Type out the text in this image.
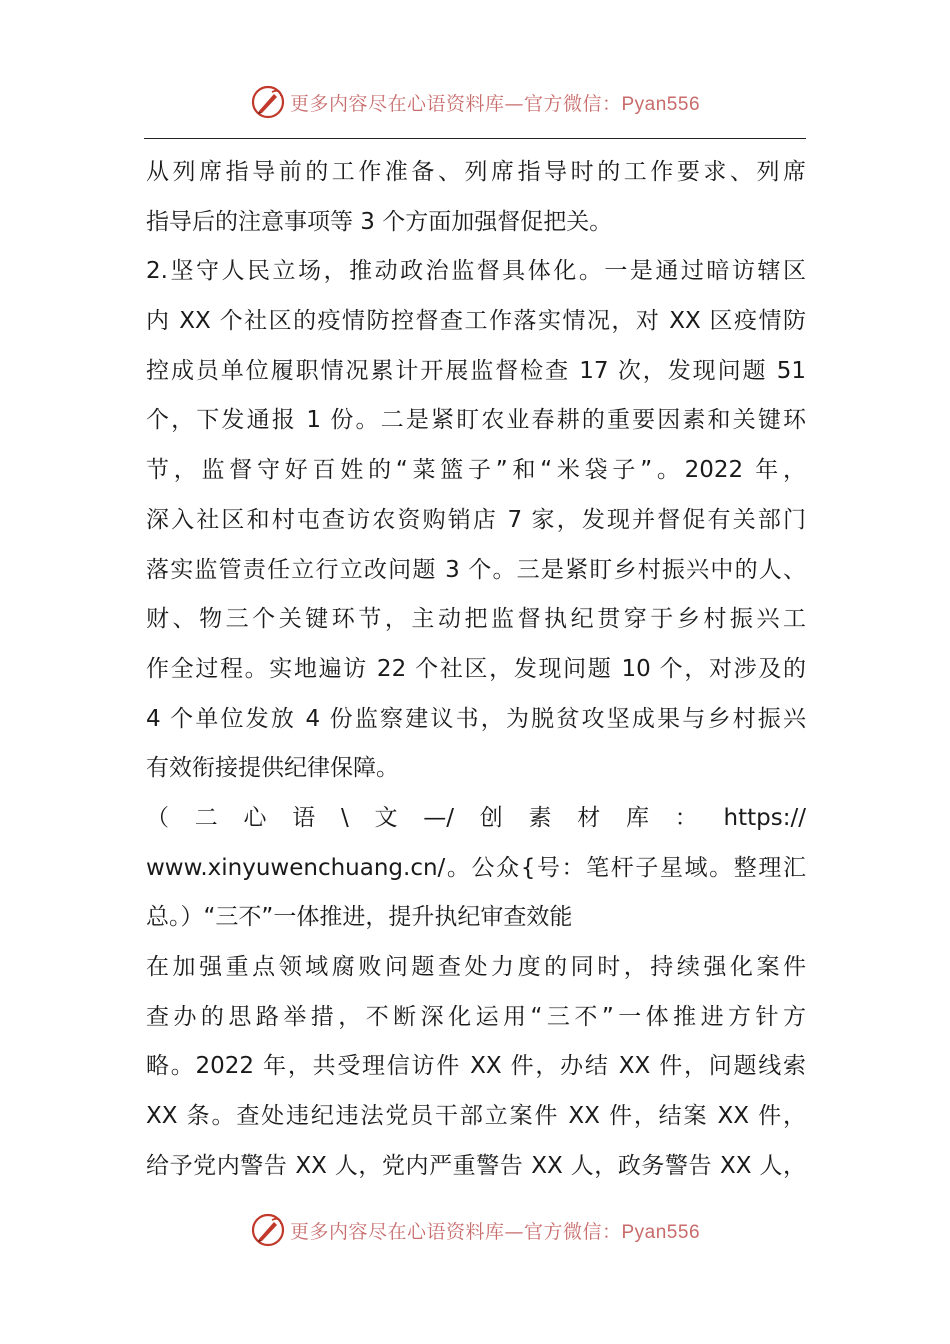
更多内容尽在心语资料库—官方微信：Pyan556
从列席指导前的工作准备、列席指导时的工作要求、列席
指导后的注意事项等 3 个方面加强督促把关。
2.坚守人民立场，推动政治监督具体化。一是通过暗访辖区
内 XX 个社区的疫情防控督查工作落实情况，对 XX 区疫情防
控成员单位履职情况累计开展监督检查 17 次，发现问题 51
个，下发通报 1 份。二是紧盯农业春耕的重要因素和关键环
节，监督守好百姓的“菜篮子”和“米袋子”。2022 年，
深入社区和村屯查访农资购销店 7 家，发现并督促有关部门
落实监管责任立行立改问题 3 个。三是紧盯乡村振兴中的人、
财、物三个关键环节，主动把监督执纪贯穿于乡村振兴工
作全过程。实地遍访 22 个社区，发现问题 10 个，对涉及的
4 个单位发放 4 份监察建议书，为脱贫攻坚成果与乡村振兴
有效衔接提供纪律保障。
（二心语\文—/创素材库：https://
www.xinyuwenchuang.cn/。公众{号：笔杆子星域。整理汇
总。）“三不”一体推进，提升执纪审查效能
在加强重点领域腐败问题查处力度的同时，持续强化案件
查办的思路举措，不断深化运用“三不”一体推进方针方
略。2022 年，共受理信访件 XX 件，办结 XX 件，问题线索
XX 条。查处违纪违法党员干部立案件 XX 件，结案 XX 件，
给予党内警告 XX 人，党内严重警告 XX 人，政务警告 XX 人，
更多内容尽在心语资料库—官方微信：Pyan556
